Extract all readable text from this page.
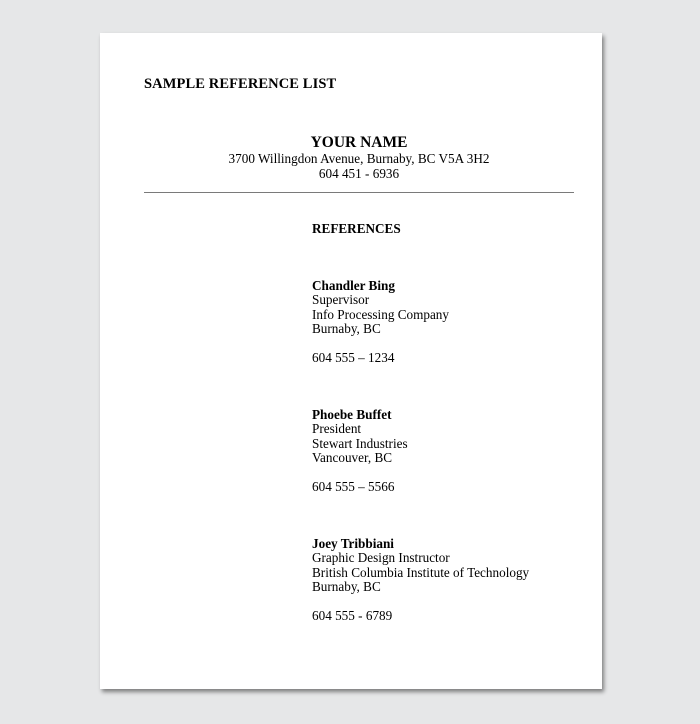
SAMPLE REFERENCE LIST
YOUR NAME
3700 Willingdon Avenue, Burnaby, BC V5A 3H2
604 451 - 6936
REFERENCES
Chandler Bing
Supervisor
Info Processing Company
Burnaby, BC
604 555 – 1234
Phoebe Buffet
President
Stewart Industries
Vancouver, BC
604 555 – 5566
Joey Tribbiani
Graphic Design Instructor
British Columbia Institute of Technology
Burnaby, BC
604 555 - 6789
